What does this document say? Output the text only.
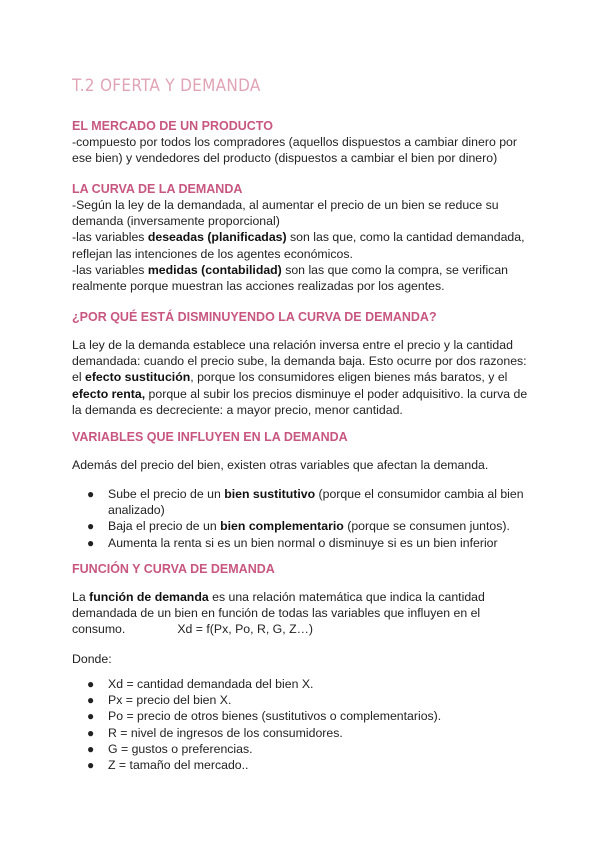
T.2 OFERTA Y DEMANDA
EL MERCADO DE UN PRODUCTO
-compuesto por todos los compradores (aquellos dispuestos a cambiar dinero por
ese bien) y vendedores del producto (dispuestos a cambiar el bien por dinero)
LA CURVA DE LA DEMANDA
-Según la ley de la demandada, al aumentar el precio de un bien se reduce su
demanda (inversamente proporcional)
-las variables deseadas (planificadas) son las que, como la cantidad demandada,
reflejan las intenciones de los agentes económicos.
-las variables medidas (contabilidad) son las que como la compra, se verifican
realmente porque muestran las acciones realizadas por los agentes.
¿POR QUÉ ESTÁ DISMINUYENDO LA CURVA DE DEMANDA?
La ley de la demanda establece una relación inversa entre el precio y la cantidad
demandada: cuando el precio sube, la demanda baja. Esto ocurre por dos razones:
el efecto sustitución, porque los consumidores eligen bienes más baratos, y el
efecto renta, porque al subir los precios disminuye el poder adquisitivo. la curva de
la demanda es decreciente: a mayor precio, menor cantidad.
VARIABLES QUE INFLUYEN EN LA DEMANDA
Además del precio del bien, existen otras variables que afectan la demanda.
● Sube el precio de un bien sustitutivo (porque el consumidor cambia al bien
analizado)
● Baja el precio de un bien complementario (porque se consumen juntos).
● Aumenta la renta si es un bien normal o disminuye si es un bien inferior
FUNCIÓN Y CURVA DE DEMANDA
La función de demanda es una relación matemática que indica la cantidad
demandada de un bien en función de todas las variables que influyen en el
consumo.	Xd = f(Px, Po, R, G, Z…)
Donde:
● Xd = cantidad demandada del bien X.
● Px = precio del bien X.
● Po = precio de otros bienes (sustitutivos o complementarios).
● R = nivel de ingresos de los consumidores.
● G = gustos o preferencias.
● Z = tamaño del mercado..
